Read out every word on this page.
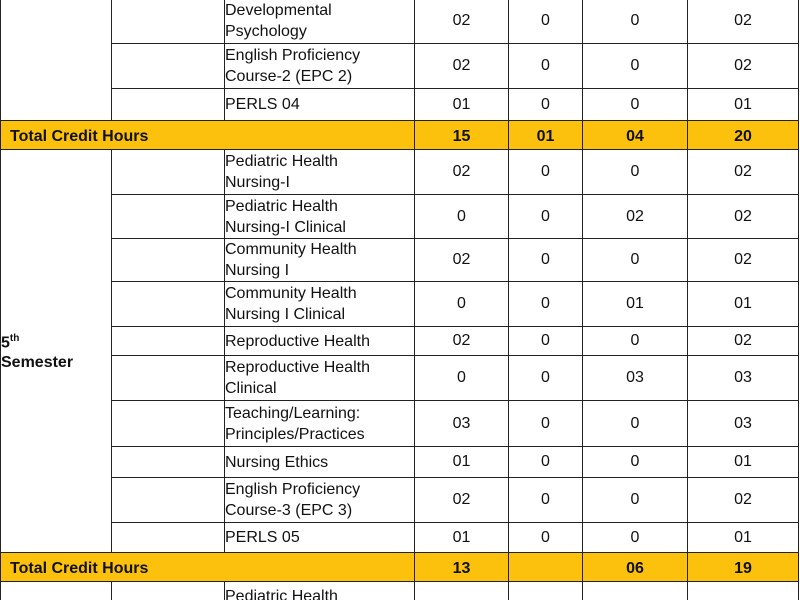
		Developmental
Psychology	02	0	0	02
		English Proficiency
Course-2 (EPC 2)	02	0	0	02
		PERLS 04	01	0	0	01
Total Credit Hours			15	01	04	20
5th
Semester		Pediatric Health
Nursing-I	02	0	0	02
		Pediatric Health
Nursing-I Clinical	0	0	02	02
		Community Health
Nursing I	02	0	0	02
		Community Health
Nursing I Clinical	0	0	01	01
		Reproductive Health	02	0	0	02
		Reproductive Health
Clinical	0	0	03	03
		Teaching/Learning:
Principles/Practices	03	0	0	03
		Nursing Ethics	01	0	0	01
		English Proficiency
Course-3 (EPC 3)	02	0	0	02
		PERLS 05	01	0	0	01
Total Credit Hours			13		06	19
		Pediatric Health				
